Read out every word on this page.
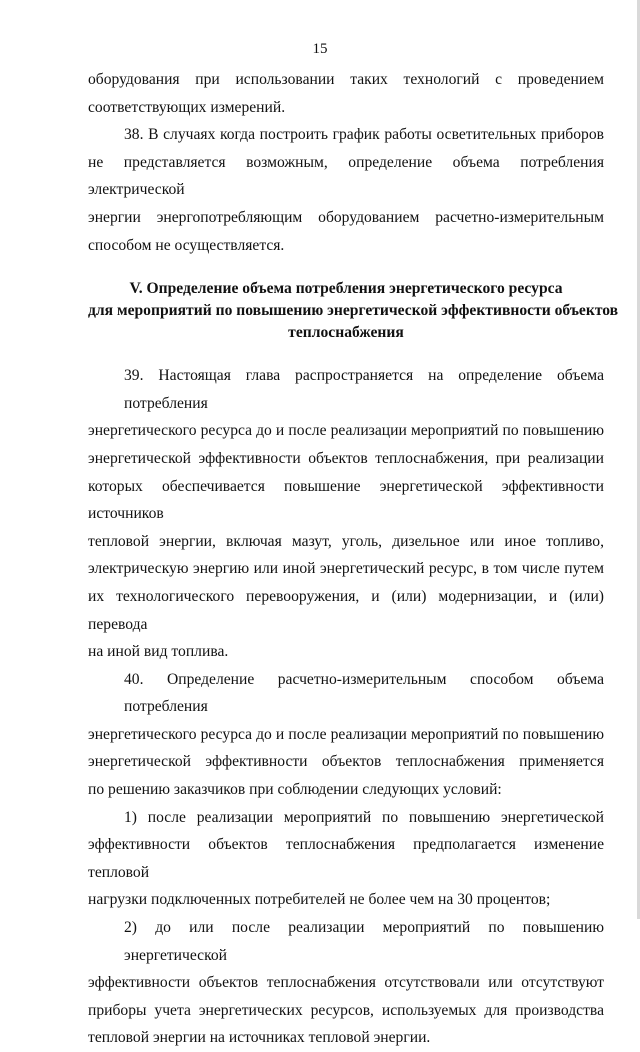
15

оборудования при использовании таких технологий с проведением
соответствующих измерений.

38. В случаях когда построить график работы осветительных приборов
не представляется возможным, определение объема потребления электрической
энергии энергопотребляющим оборудованием расчетно-измерительным
способом не осуществляется.

V. Определение объема потребления энергетического ресурса
для мероприятий по повышению энергетической эффективности объектов
теплоснабжения

39. Настоящая глава распространяется на определение объема потребления
энергетического ресурса до и после реализации мероприятий по повышению
энергетической эффективности объектов теплоснабжения, при реализации
которых обеспечивается повышение энергетической эффективности источников
тепловой энергии, включая мазут, уголь, дизельное или иное топливо,
электрическую энергию или иной энергетический ресурс, в том числе путем
их технологического перевооружения, и (или) модернизации, и (или) перевода
на иной вид топлива.

40. Определение расчетно-измерительным способом объема потребления
энергетического ресурса до и после реализации мероприятий по повышению
энергетической эффективности объектов теплоснабжения применяется
по решению заказчиков при соблюдении следующих условий:

1) после реализации мероприятий по повышению энергетической
эффективности объектов теплоснабжения предполагается изменение тепловой
нагрузки подключенных потребителей не более чем на 30 процентов;

2) до или после реализации мероприятий по повышению энергетической
эффективности объектов теплоснабжения отсутствовали или отсутствуют
приборы учета энергетических ресурсов, используемых для производства
тепловой энергии на источниках тепловой энергии.
